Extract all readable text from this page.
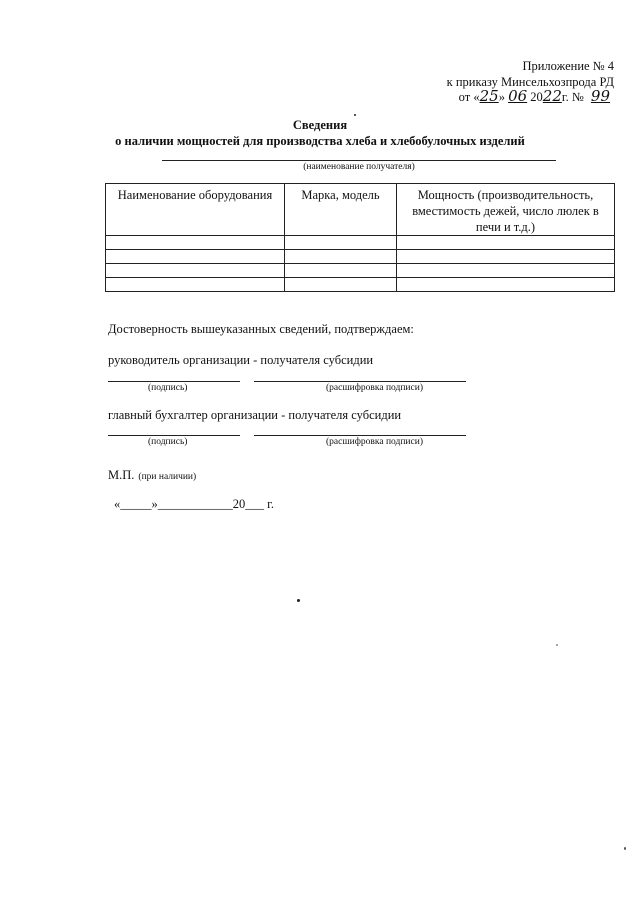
Приложение № 4
к приказу Минсельхозпрода РД
от «25» 06 2022г. № 99
Сведения
о наличии мощностей для производства хлеба и хлебобулочных изделий
(наименование получателя)
Наименование оборудования	Марка, модель	Мощность (производительность, вместимость дежей, число люлек в печи и т.д.)

Достоверность вышеуказанных сведений, подтверждаем:
руководитель организации - получателя субсидии
(подпись)	(расшифровка подписи)
главный бухгалтер организации - получателя субсидии
(подпись)	(расшифровка подписи)
М.П. (при наличии)
«_____»____________20___ г.
